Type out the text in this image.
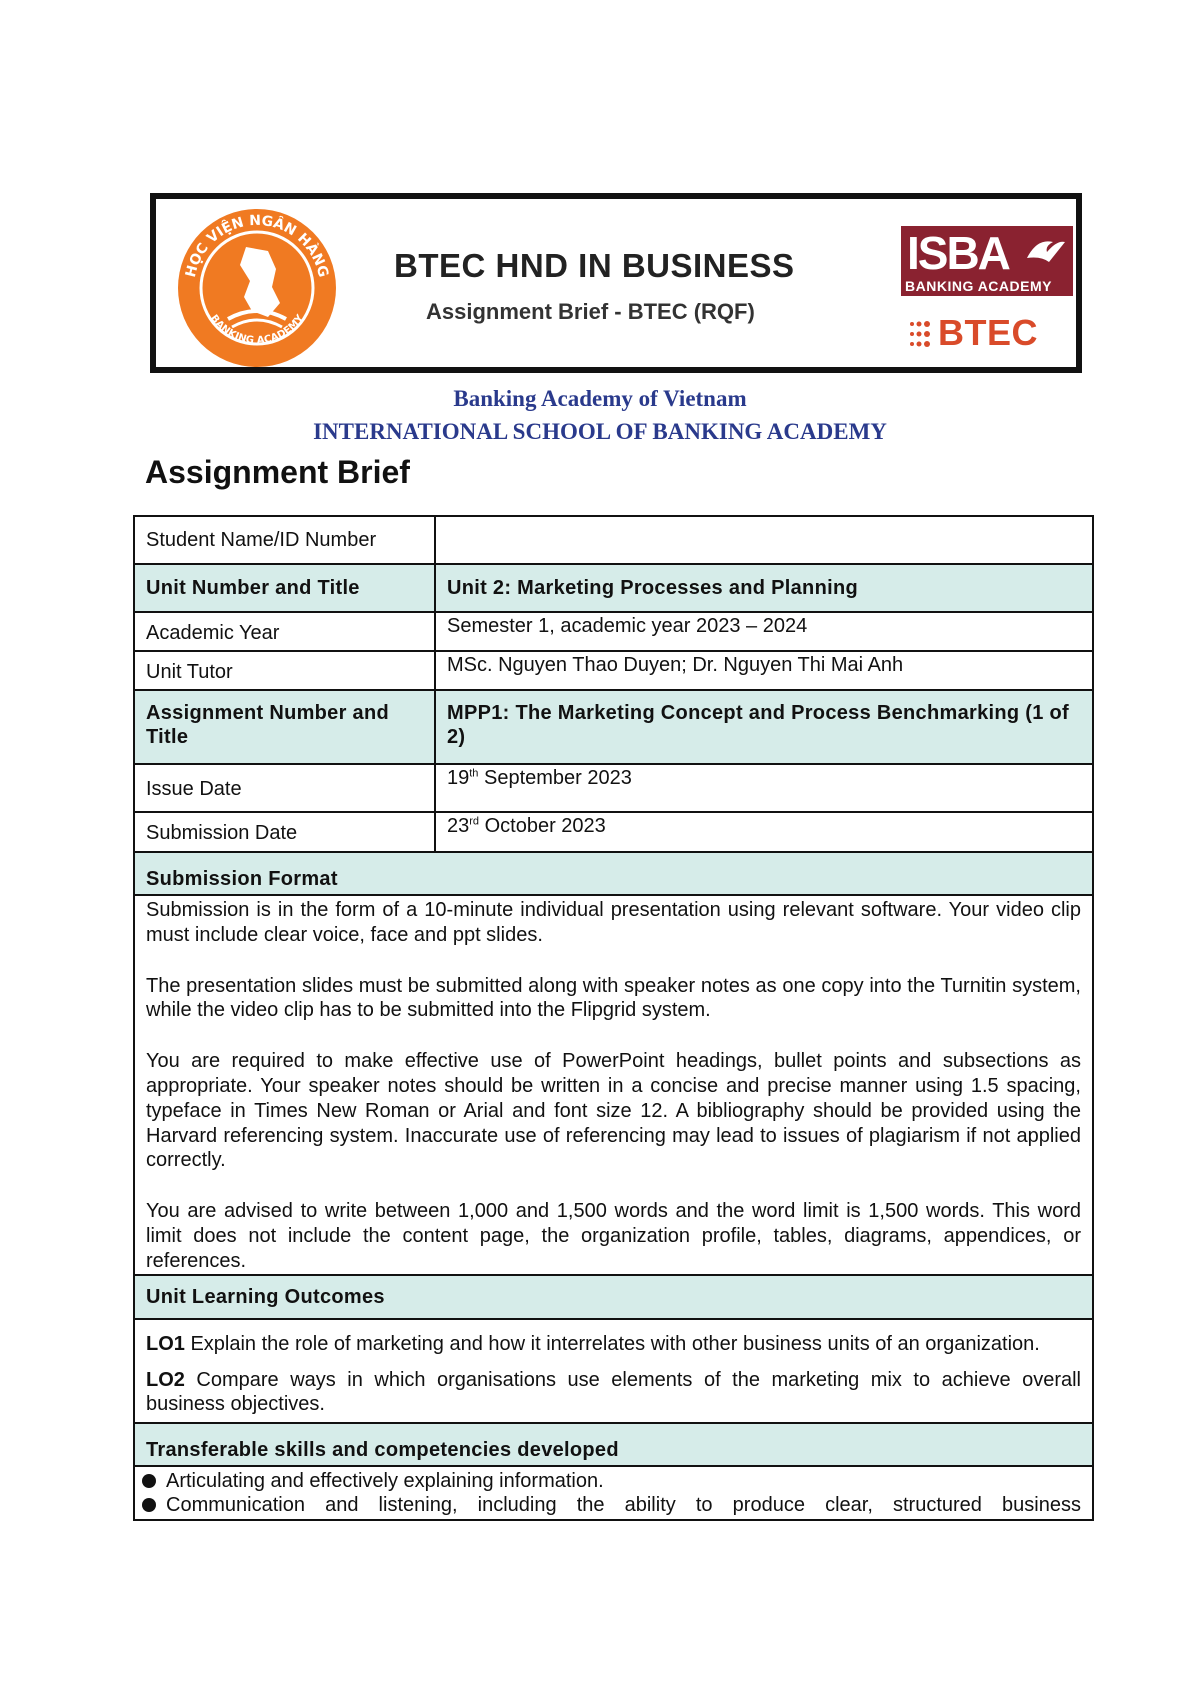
HỌC VIỆN NGÂN HÀNG
BANKING ACADEMY
BTEC HND IN BUSINESS
Assignment Brief - BTEC (RQF)
ISBA
BANKING ACADEMY
BTEC
Banking Academy of Vietnam
INTERNATIONAL SCHOOL OF BANKING ACADEMY
Assignment Brief
Student Name/ID Number	
Unit Number and Title	Unit 2: Marketing Processes and Planning
Academic Year	Semester 1, academic year 2023 – 2024
Unit Tutor	MSc. Nguyen Thao Duyen; Dr. Nguyen Thi Mai Anh
Assignment Number and Title	MPP1: The Marketing Concept and Process Benchmarking (1 of 2)
Issue Date	19th September 2023
Submission Date	23rd October 2023
Submission Format	

Submission is in the form of a 10-minute individual presentation using relevant software. Your video clip must include clear voice, face and ppt slides.

The presentation slides must be submitted along with speaker notes as one copy into the Turnitin system, while the video clip has to be submitted into the Flipgrid system.

You are required to make effective use of PowerPoint headings, bullet points and subsections as appropriate. Your speaker notes should be written in a concise and precise manner using 1.5 spacing, typeface in Times New Roman or Arial and font size 12. A bibliography should be provided using the Harvard referencing system. Inaccurate use of referencing may lead to issues of plagiarism if not applied correctly.

You are advised to write between 1,000 and 1,500 words and the word limit is 1,500 words. This word limit does not include the content page, the organization profile, tables, diagrams, appendices, or references.	

Unit Learning Outcomes	

LO1 Explain the role of marketing and how it interrelates with other business units of an organization.

LO2 Compare ways in which organisations use elements of the marketing mix to achieve overall business objectives.	

Transferable skills and competencies developed	

Articulating and effectively explaining information.
Communication and listening, including the ability to produce clear, structured business	
